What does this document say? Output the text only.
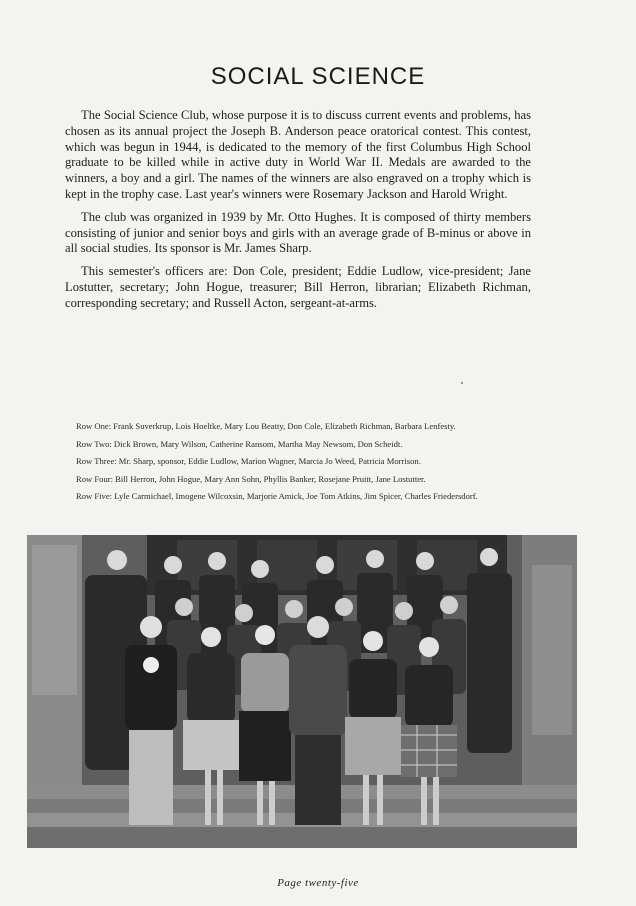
SOCIAL SCIENCE

The Social Science Club, whose purpose it is to discuss current events and problems, has chosen as its annual project the Joseph B. Anderson peace oratorical contest. This contest, which was begun in 1944, is dedicated to the memory of the first Columbus High School graduate to be killed while in active duty in World War II. Medals are awarded to the winners, a boy and a girl. The names of the winners are also engraved on a trophy which is kept in the trophy case. Last year's winners were Rosemary Jackson and Harold Wright.

The club was organized in 1939 by Mr. Otto Hughes. It is composed of thirty members consisting of junior and senior boys and girls with an average grade of B-minus or above in all social studies. Its sponsor is Mr. James Sharp.

This semester's officers are: Don Cole, president; Eddie Ludlow, vice-president; Jane Lostutter, secretary; John Hogue, treasurer; Bill Herron, librarian; Elizabeth Richman, corresponding secretary; and Russell Acton, sergeant-at-arms.

Row One: Frank Suverkrup, Lois Hoeltke, Mary Lou Beatty, Don Cole, Elizabeth Richman, Barbara Lenfesty.

Row Two: Dick Brown, Mary Wilson, Catherine Ransom, Martha May Newsom, Don Scheidt.

Row Three: Mr. Sharp, sponsor, Eddie Ludlow, Marion Wagner, Marcia Jo Weed, Patricia Morrison.

Row Four: Bill Herron, John Hogue, Mary Ann Sohn, Phyllis Banker, Rosejane Pruitt, Jane Lostutter.

Row Five: Lyle Carmichael, Imogene Wilcoxsin, Marjorie Amick, Joe Tom Atkins, Jim Spicer, Charles Friedersdorf.

Page twenty-five
